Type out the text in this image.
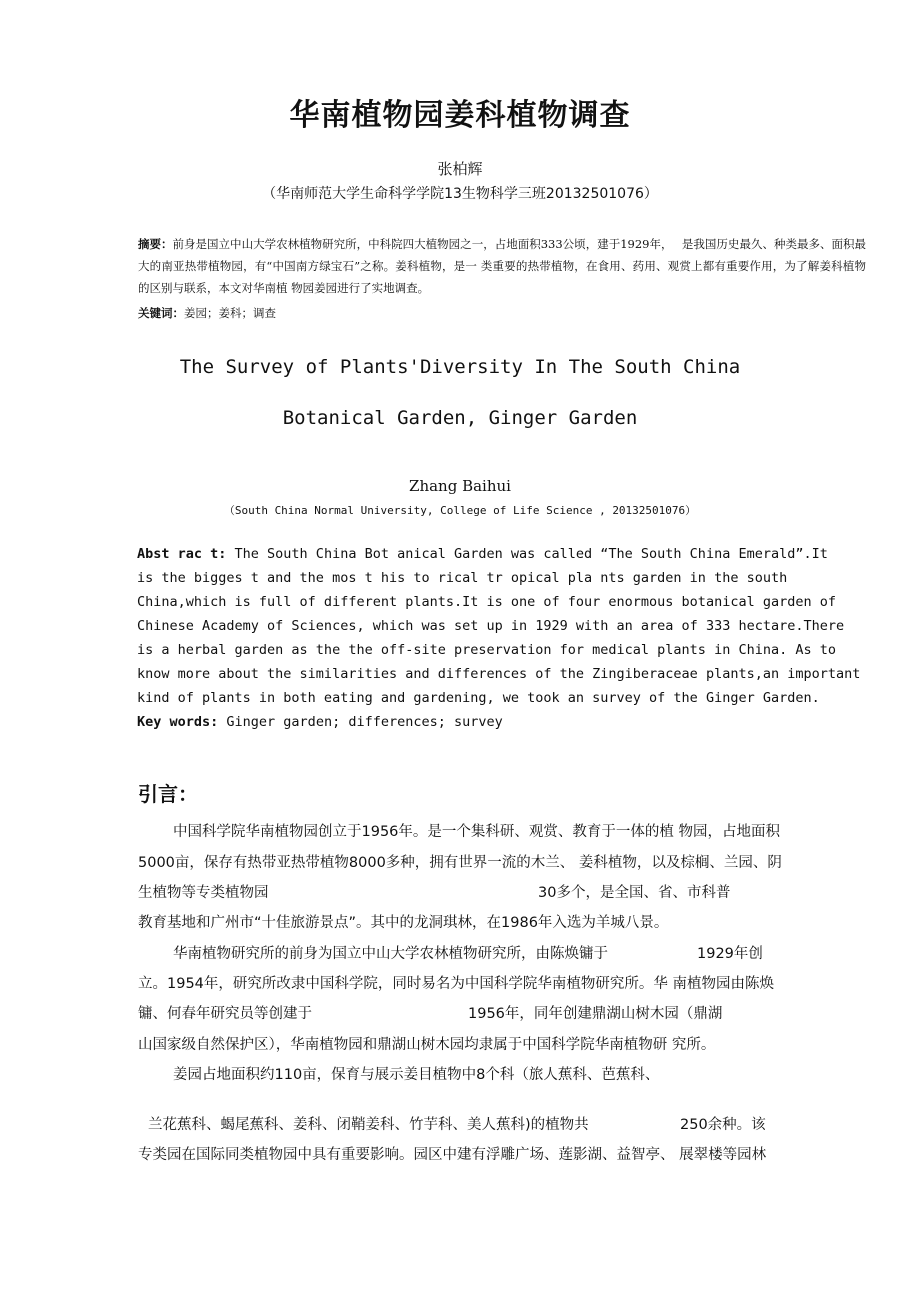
华南植物园姜科植物调查
张柏辉
（华南师范大学生命科学学院13生物科学三班20132501076）
摘要：前身是国立中山大学农林植物研究所，中科院四大植物园之一，占地面积333公顷，建于1929年，　 是我国历史最久、种类最多、面积最大的南亚热带植物园，有“中国南方绿宝石”之称。姜科植物，是一 类重要的热带植物，在食用、药用、观赏上都有重要作用，为了解姜科植物的区别与联系，本文对华南植 物园姜园进行了实地调查。
关键词：姜园；姜科；调查
The Survey of Plants'Diversity In The South China
Botanical Garden, Ginger Garden
Zhang Baihui
（South China Normal University, College of Life Science , 20132501076）
Abst rac t: The South China Bot anical Garden was called “The South China Emerald”.It
is the bigges t and the mos t his to rical tr opical pla nts garden in the south
China,which is full of different plants.It is one of four enormous botanical garden of
Chinese Academy of Sciences, which was set up in 1929 with an area of 333 hectare.There
is a herbal garden as the the off-site preservation for medical plants in China. As to
know more about the similarities and differences of the Zingiberaceae plants,an important
kind of plants in both eating and gardening, we took an survey of the Ginger Garden.
Key words: Ginger garden; differences; survey
引言：
中国科学院华南植物园创立于1956年。是一个集科研、观赏、教育于一体的植 物园，占地面积
5000亩，保存有热带亚热带植物8000多种，拥有世界一流的木兰、 姜科植物，以及棕榈、兰园、阴
生植物等专类植物园	30多个，是全国、省、市科普
教育基地和广州市“十佳旅游景点”。其中的龙洞琪林，在1986年入选为羊城八景。
华南植物研究所的前身为国立中山大学农林植物研究所，由陈焕镛于	1929年创
立。1954年，研究所改隶中国科学院，同时易名为中国科学院华南植物研究所。华 南植物园由陈焕
镛、何春年研究员等创建于	1956年，同年创建鼎湖山树木园（鼎湖
山国家级自然保护区），华南植物园和鼎湖山树木园均隶属于中国科学院华南植物研 究所。
姜园占地面积约110亩，保育与展示姜目植物中8个科（旅人蕉科、芭蕉科、
兰花蕉科、蝎尾蕉科、姜科、闭鞘姜科、竹芋科、美人蕉科)的植物共	250余种。该
专类园在国际同类植物园中具有重要影响。园区中建有浮雕广场、莲影湖、益智亭、 展翠楼等园林
